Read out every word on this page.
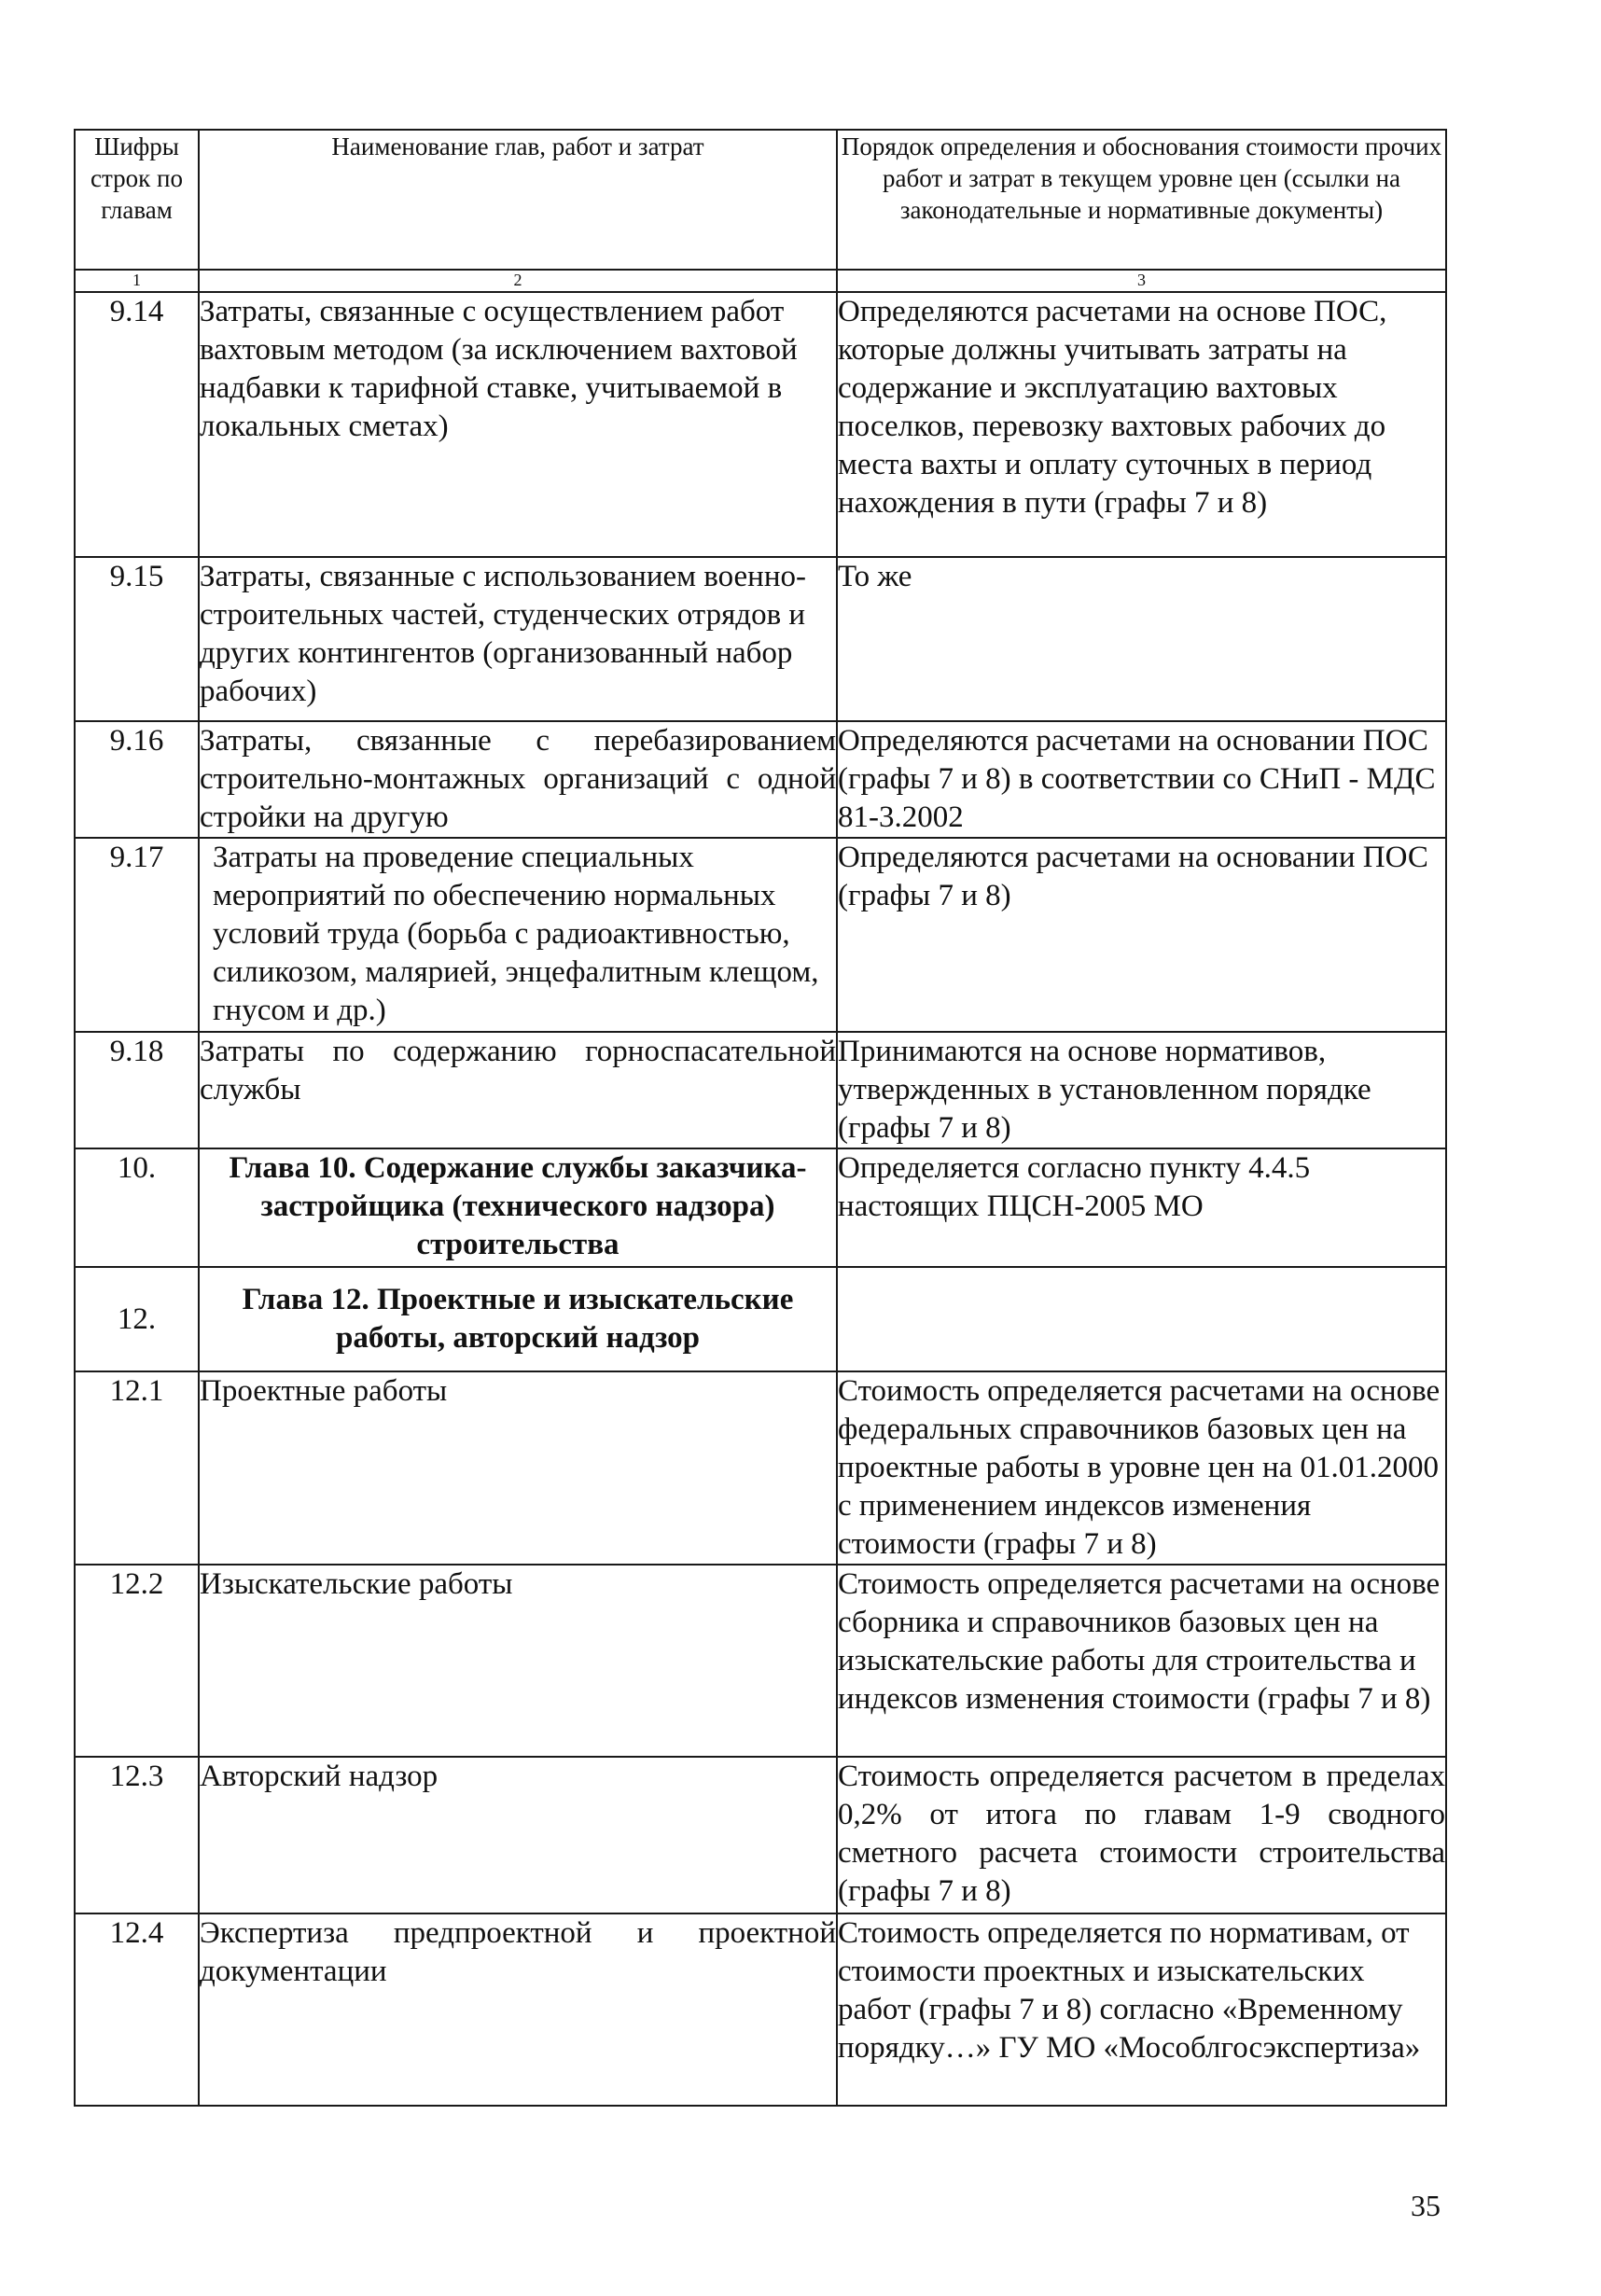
Шифры строк по главам	Наименование глав, работ и затрат	Порядок определения и обоснования стоимости прочих работ и затрат в текущем уровне цен (ссылки на законодательные и нормативные документы)
1	2	3
9.14	Затраты, связанные с осуществлением работ вахтовым методом (за исключением вахтовой надбавки к тарифной ставке, учитываемой в локальных сметах)	Определяются расчетами на основе ПОС, которые должны учитывать затраты на содержание и эксплуатацию вахтовых поселков, перевозку вахтовых рабочих до места вахты и оплату суточных в период нахождения в пути (графы 7 и 8)
9.15	Затраты, связанные с использованием военно-строительных частей, студенческих отрядов и других контингентов (организованный набор рабочих)	То же
9.16	Затраты, связанные с перебазированием строительно-монтажных организаций с одной стройки на другую	Определяются расчетами на основании ПОС (графы 7 и 8) в соответствии со СНиП - МДС 81-3.2002
9.17	Затраты на проведение специальных мероприятий по обеспечению нормальных условий труда (борьба с радиоактивностью, силикозом, малярией, энцефалитным клещом, гнусом и др.)	Определяются расчетами на основании ПОС (графы 7 и 8)
9.18	Затраты по содержанию горноспасательной службы	Принимаются на основе нормативов, утвержденных в установленном порядке (графы 7 и 8)
10.	Глава 10. Содержание службы заказчика-застройщика (технического надзора) строительства	Определяется согласно пункту 4.4.5 настоящих ПЦСН-2005 МО
12.	Глава 12. Проектные и изыскательские работы, авторский надзор	
12.1	Проектные работы	Стоимость определяется расчетами на основе федеральных справочников базовых цен на проектные работы в уровне цен на 01.01.2000 с применением индексов изменения стоимости (графы 7 и 8)
12.2	Изыскательские работы	Стоимость определяется расчетами на основе сборника и справочников базовых цен на изыскательские работы для строительства и индексов изменения стоимости (графы 7 и 8)
12.3	Авторский надзор	Стоимость определяется расчетом в пределах 0,2% от итога по главам 1-9 сводного сметного расчета стоимости строительства (графы 7 и 8)
12.4	Экспертиза предпроектной и проектной документации	Стоимость определяется по нормативам, от стоимости проектных и изыскательских работ (графы 7 и 8) согласно «Временному порядку…» ГУ МО «Мособлгосэкспертиза»
35
